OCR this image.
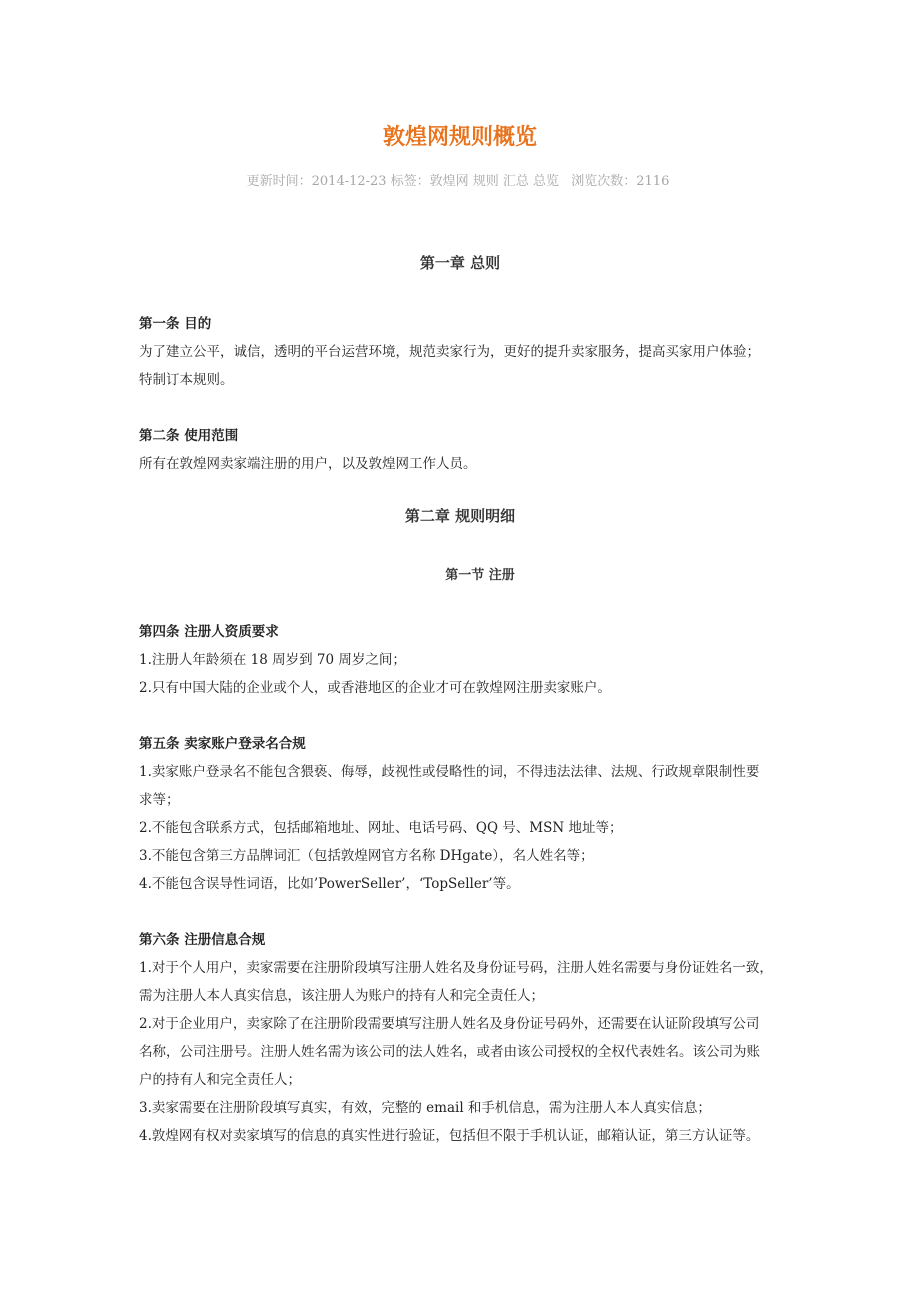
敦煌网规则概览
更新时间：2014-12-23 标签：敦煌网 规则 汇总 总览 浏览次数：2116
第一章 总则
第一条 目的
为了建立公平，诚信，透明的平台运营环境，规范卖家行为，更好的提升卖家服务，提高买家用户体验；
特制订本规则。
第二条 使用范围
所有在敦煌网卖家端注册的用户，以及敦煌网工作人员。
第二章 规则明细
第一节 注册
第四条 注册人资质要求
1.注册人年龄须在 18 周岁到 70 周岁之间；
2.只有中国大陆的企业或个人，或香港地区的企业才可在敦煌网注册卖家账户。
第五条 卖家账户登录名合规
1.卖家账户登录名不能包含猥亵、侮辱，歧视性或侵略性的词，不得违法法律、法规、行政规章限制性要
求等；
2.不能包含联系方式，包括邮箱地址、网址、电话号码、QQ 号、MSN 地址等；
3.不能包含第三方品牌词汇（包括敦煌网官方名称 DHgate），名人姓名等；
4.不能包含误导性词语，比如’PowerSeller’，‘TopSeller’等。
第六条 注册信息合规
1.对于个人用户，卖家需要在注册阶段填写注册人姓名及身份证号码，注册人姓名需要与身份证姓名一致，
需为注册人本人真实信息，该注册人为账户的持有人和完全责任人；
2.对于企业用户，卖家除了在注册阶段需要填写注册人姓名及身份证号码外，还需要在认证阶段填写公司
名称，公司注册号。注册人姓名需为该公司的法人姓名，或者由该公司授权的全权代表姓名。该公司为账
户的持有人和完全责任人；
3.卖家需要在注册阶段填写真实，有效，完整的 email 和手机信息，需为注册人本人真实信息；
4.敦煌网有权对卖家填写的信息的真实性进行验证，包括但不限于手机认证，邮箱认证，第三方认证等。
